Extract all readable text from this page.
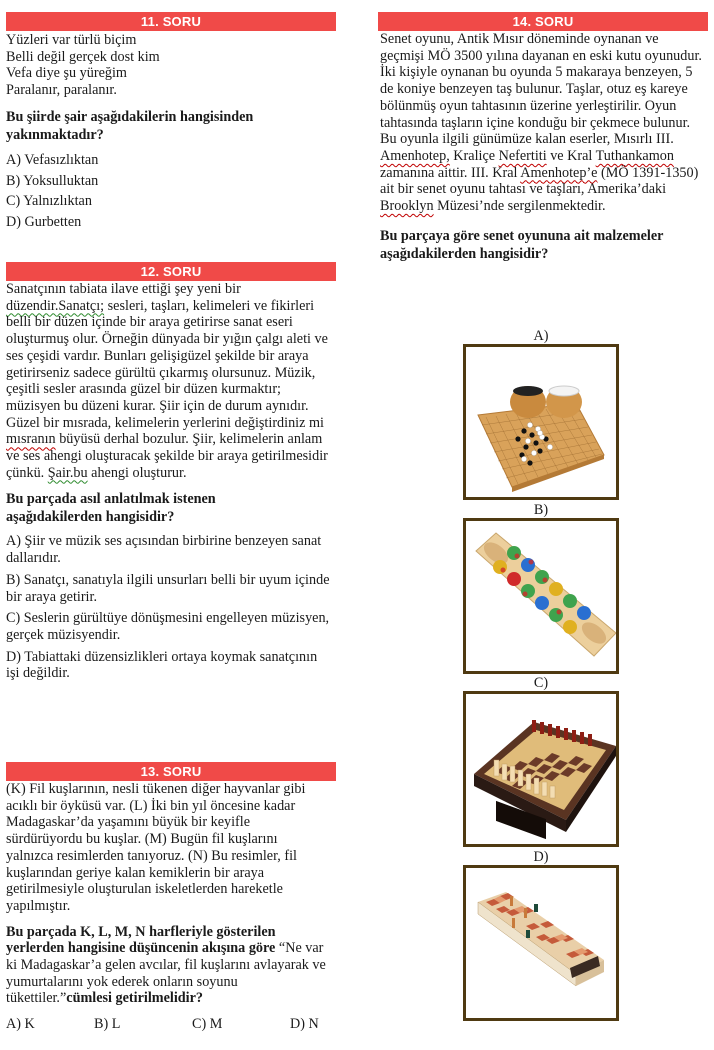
11. SORU
Yüzleri var türlü biçim
Belli değil gerçek dost kim
Vefa diye şu yüreğim
Paralanır, paralanır.

Bu şiirde şair aşağıdakilerin hangisinden yakınmaktadır?

A) Vefasızlıktan
B) Yoksulluktan
C) Yalnızlıktan
D) Gurbetten
12. SORU

Sanatçının tabiata ilave ettiği şey yeni bir düzendir.Sanatçı; sesleri, taşları, kelimeleri ve fikirleri belli bir düzen içinde bir araya getirirse sanat eseri oluşturmuş olur. Örneğin dünyada bir yığın çalgı aleti ve ses çeşidi vardır. Bunları gelişigüzel şekilde bir araya getirirseniz sadece gürültü çıkarmış olursunuz. Müzik, çeşitli sesler arasında güzel bir düzen kurmaktır; müzisyen bu düzeni kurar. Şiir için de durum aynıdır. Güzel bir mısrada, kelimelerin yerlerini değiştirdiniz mi mısranın büyüsü derhal bozulur. Şiir, kelimelerin anlam ve ses ahengi oluşturacak şekilde bir araya getirilmesidir çünkü. Şair.bu ahengi oluşturur.

Bu parçada asıl anlatılmak istenen aşağıdakilerden hangisidir?

A) Şiir ve müzik ses açısından birbirine benzeyen sanat dallarıdır.
B) Sanatçı, sanatıyla ilgili unsurları belli bir uyum içinde bir araya getirir.
C) Seslerin gürültüye dönüşmesini engelleyen müzisyen, gerçek müzisyendir.
D) Tabiattaki düzensizlikleri ortaya koymak sanatçının işi değildir.
13. SORU

(K) Fil kuşlarının, nesli tükenen diğer hayvanlar gibi acıklı bir öyküsü var. (L) İki bin yıl öncesine kadar Madagaskar’da yaşamını büyük bir keyifle sürdürüyordu bu kuşlar. (M) Bugün fil kuşlarını yalnızca resimlerden tanıyoruz. (N) Bu resimler, fil kuşlarından geriye kalan kemiklerin bir araya getirilmesiyle oluşturulan iskeletlerden hareketle yapılmıştır.

Bu parçada K, L, M, N harfleriyle gösterilen yerlerden hangisine düşüncenin akışına göre “Ne var ki Madagaskar’a gelen avcılar, fil kuşlarını avlayarak ve yumurtalarını yok ederek onların soyunu tükettiler.”cümlesi getirilmelidir?

A) K	B) L	C) M	D) N
14. SORU

Senet oyunu, Antik Mısır döneminde oynanan ve geçmişi MÖ 3500 yılına dayanan en eski kutu oyunudur. İki kişiyle oynanan bu oyunda 5 makaraya benzeyen, 5 de koniye benzeyen taş bulunur. Taşlar, otuz eş kareye bölünmüş oyun tahtasının üzerine yerleştirilir. Oyun tahtasında taşların içine konduğu bir çekmece bulunur. Bu oyunla ilgili günümüze kalan eserler, Mısırlı III. Amenhotep, Kraliçe Nefertiti ve Kral Tuthankamon zamanına aittir. III. Kral Amenhotep’e (MÖ 1391-1350) ait bir senet oyunu tahtası ve taşları, Amerika’daki Brooklyn Müzesi’nde sergilenmektedir.

Bu parçaya göre senet oyununa ait malzemeler aşağıdakilerden hangisidir?

A)
B)
C)
D)
